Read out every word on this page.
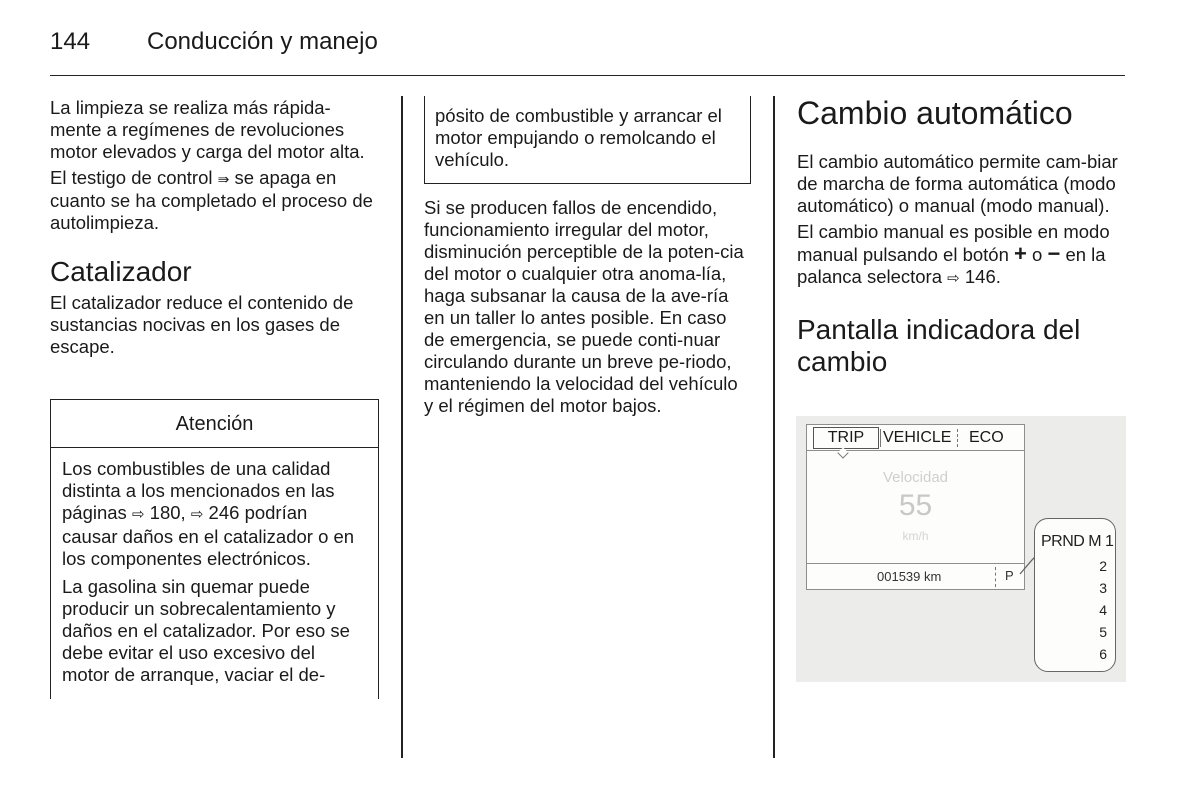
144 Conducción y manejo

La limpieza se realiza más rápida-mente a regímenes de revoluciones motor elevados y carga del motor alta.

El testigo de control ⇛ se apaga en cuanto se ha completado el proceso de autolimpieza.

Catalizador

El catalizador reduce el contenido de sustancias nocivas en los gases de escape.

Atención

Los combustibles de una calidad distinta a los mencionados en las páginas ⇨ 180, ⇨ 246 podrían causar daños en el catalizador o en los componentes electrónicos.

La gasolina sin quemar puede producir un sobrecalentamiento y daños en el catalizador. Por eso se debe evitar el uso excesivo del motor de arranque, vaciar el de-

pósito de combustible y arrancar el motor empujando o remolcando el vehículo.

Si se producen fallos de encendido, funcionamiento irregular del motor, disminución perceptible de la poten-cia del motor o cualquier otra anoma-lía, haga subsanar la causa de la ave-ría en un taller lo antes posible. En caso de emergencia, se puede conti-nuar circulando durante un breve pe-riodo, manteniendo la velocidad del vehículo y el régimen del motor bajos.

Cambio automático

El cambio automático permite cam-biar de marcha de forma automática (modo automático) o manual (modo manual).

El cambio manual es posible en modo manual pulsando el botón + o − en la palanca selectora ⇨ 146.

Pantalla indicadora del cambio
TRIP	VEHICLE ECO
Velocidad
55
km/h
001539 km	P
PRND M 1
2
3
4
5
6
